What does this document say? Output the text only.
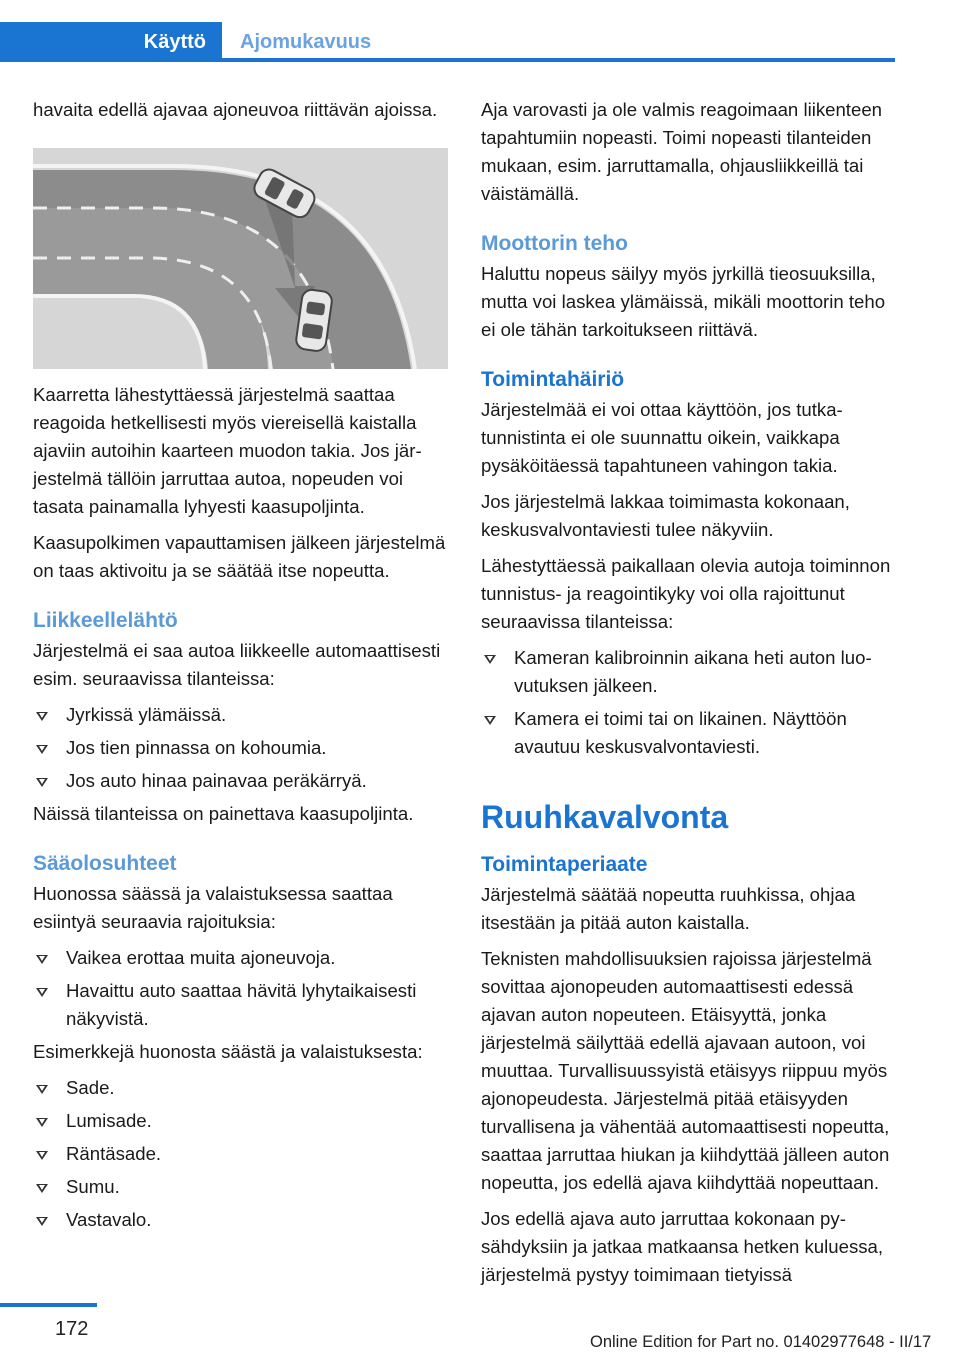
Käyttö Ajomukavuus

havaita edellä ajavaa ajoneuvoa riittävän ajoissa.

Kaarretta lähestyttäessä järjestelmä saattaa reagoida hetkellisesti myös viereisellä kaistalla ajaviin autoihin kaarteen muodon takia. Jos järjestelmä tällöin jarruttaa autoa, nopeuden voi tasata painamalla lyhyesti kaasupoljinta.

Kaasupolkimen vapauttamisen jälkeen järjestelmä on taas aktivoitu ja se säätää itse nopeutta.

Liikkeellelähtö

Järjestelmä ei saa autoa liikkeelle automaattisesti esim. seuraavissa tilanteissa:

Jyrkissä ylämäissä.
Jos tien pinnassa on kohoumia.
Jos auto hinaa painavaa peräkärryä.

Näissä tilanteissa on painettava kaasupoljinta.

Sääolosuhteet

Huonossa säässä ja valaistuksessa saattaa esiintyä seuraavia rajoituksia:

Vaikea erottaa muita ajoneuvoja.
Havaittu auto saattaa hävitä lyhytaikaisesti näkyvistä.

Esimerkkejä huonosta säästä ja valaistuksesta:

Sade.
Lumisade.
Räntäsade.
Sumu.
Vastavalo.

Aja varovasti ja ole valmis reagoimaan liikenteen tapahtumiin nopeasti. Toimi nopeasti tilanteiden mukaan, esim. jarruttamalla, ohjausliikkeillä tai väistämällä.

Moottorin teho

Haluttu nopeus säilyy myös jyrkillä tieosuuksilla, mutta voi laskea ylämäissä, mikäli moottorin teho ei ole tähän tarkoitukseen riittävä.

Toimintahäiriö

Järjestelmää ei voi ottaa käyttöön, jos tutkatunnistinta ei ole suunnattu oikein, vaikkapa pysäköitäessä tapahtuneen vahingon takia.

Jos järjestelmä lakkaa toimimasta kokonaan, keskusvalvontaviesti tulee näkyviin.

Lähestyttäessä paikallaan olevia autoja toiminnon tunnistus- ja reagointikyky voi olla rajoittunut seuraavissa tilanteissa:

Kameran kalibroinnin aikana heti auton luovutuksen jälkeen.
Kamera ei toimi tai on likainen. Näyttöön avautuu keskusvalvontaviesti.
Ruuhkavalvonta
Toimintaperiaate

Järjestelmä säätää nopeutta ruuhkissa, ohjaa itsestään ja pitää auton kaistalla.

Teknisten mahdollisuuksien rajoissa järjestelmä sovittaa ajonopeuden automaattisesti edessä ajavan auton nopeuteen. Etäisyyttä, jonka järjestelmä säilyttää edellä ajavaan autoon, voi muuttaa. Turvallisuussyistä etäisyys riippuu myös ajonopeudesta. Järjestelmä pitää etäisyyden turvallisena ja vähentää automaattisesti nopeutta, saattaa jarruttaa hiukan ja kiihdyttää jälleen auton nopeutta, jos edellä ajava kiihdyttää nopeuttaan.

Jos edellä ajava auto jarruttaa kokonaan pysähdyksiin ja jatkaa matkaansa hetken kuluessa, järjestelmä pystyy toimimaan tietyissä

172
Online Edition for Part no. 01402977648 - II/17
